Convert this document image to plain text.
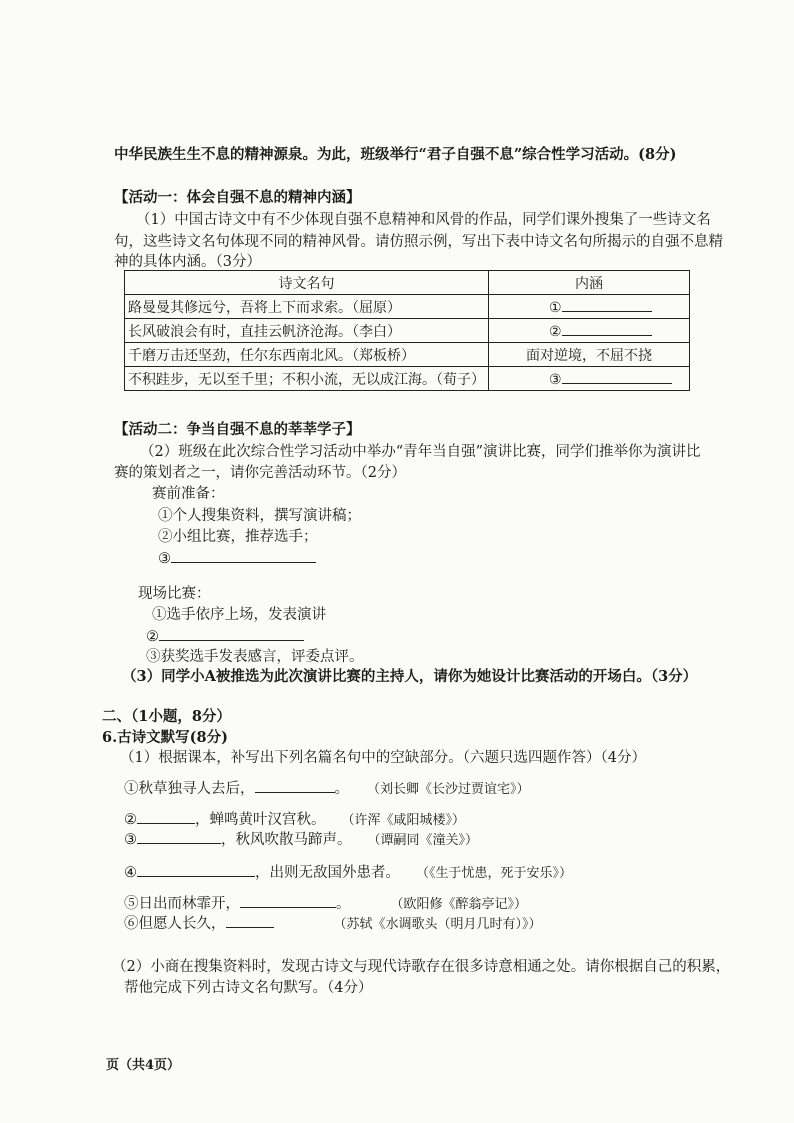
中华民族生生不息的精神源泉。为此，班级举行“君子自强不息”综合性学习活动。(8分)
【活动一：体会自强不息的精神内涵】
（1）中国古诗文中有不少体现自强不息精神和风骨的作品，同学们课外搜集了一些诗文名
句，这些诗文名句体现不同的精神风骨。请仿照示例，写出下表中诗文名句所揭示的自强不息精
神的具体内涵。（3分）
诗文名句	内涵
路曼曼其修远兮，吾将上下而求索。（屈原）	①
长风破浪会有时，直挂云帆济沧海。（李白）	②
千磨万击还坚劲，任尔东西南北风。（郑板桥）	面对逆境，不屈不挠
不积跬步，无以至千里；不积小流，无以成江海。（荀子）	③
【活动二：争当自强不息的莘莘学子】
（2）班级在此次综合性学习活动中举办“青年当自强”演讲比赛，同学们推举你为演讲比
赛的策划者之一，请你完善活动环节。（2分）
赛前准备：
①个人搜集资料，撰写演讲稿；
②小组比赛，推荐选手；
③
现场比赛：
①选手依序上场，发表演讲
②
③获奖选手发表感言，评委点评。
（3）同学小A被推选为此次演讲比赛的主持人，请你为她设计比赛活动的开场白。（3分）
二、（1小题，8分）
6.古诗文默写(8分)
（1）根据课本，补写出下列名篇名句中的空缺部分。（六题只选四题作答）（4分）
①秋草独寻人去后，	。 （刘长卿《长沙过贾谊宅》）
②	，蝉鸣黄叶汉宫秋。 （许浑《咸阳城楼》）
③	，秋风吹散马蹄声。 （谭嗣同《潼关》）
④	，出则无敌国外患者。 （《生于忧患，死于安乐》）
⑤日出而林霏开，	。	（欧阳修《醉翁亭记》）
⑥但愿人长久，	（苏轼《水调歌头（明月几时有）》）
（2）小商在搜集资料时，发现古诗文与现代诗歌存在很多诗意相通之处。请你根据自己的积累，
帮他完成下列古诗文名句默写。（4分）
页（共4页）
